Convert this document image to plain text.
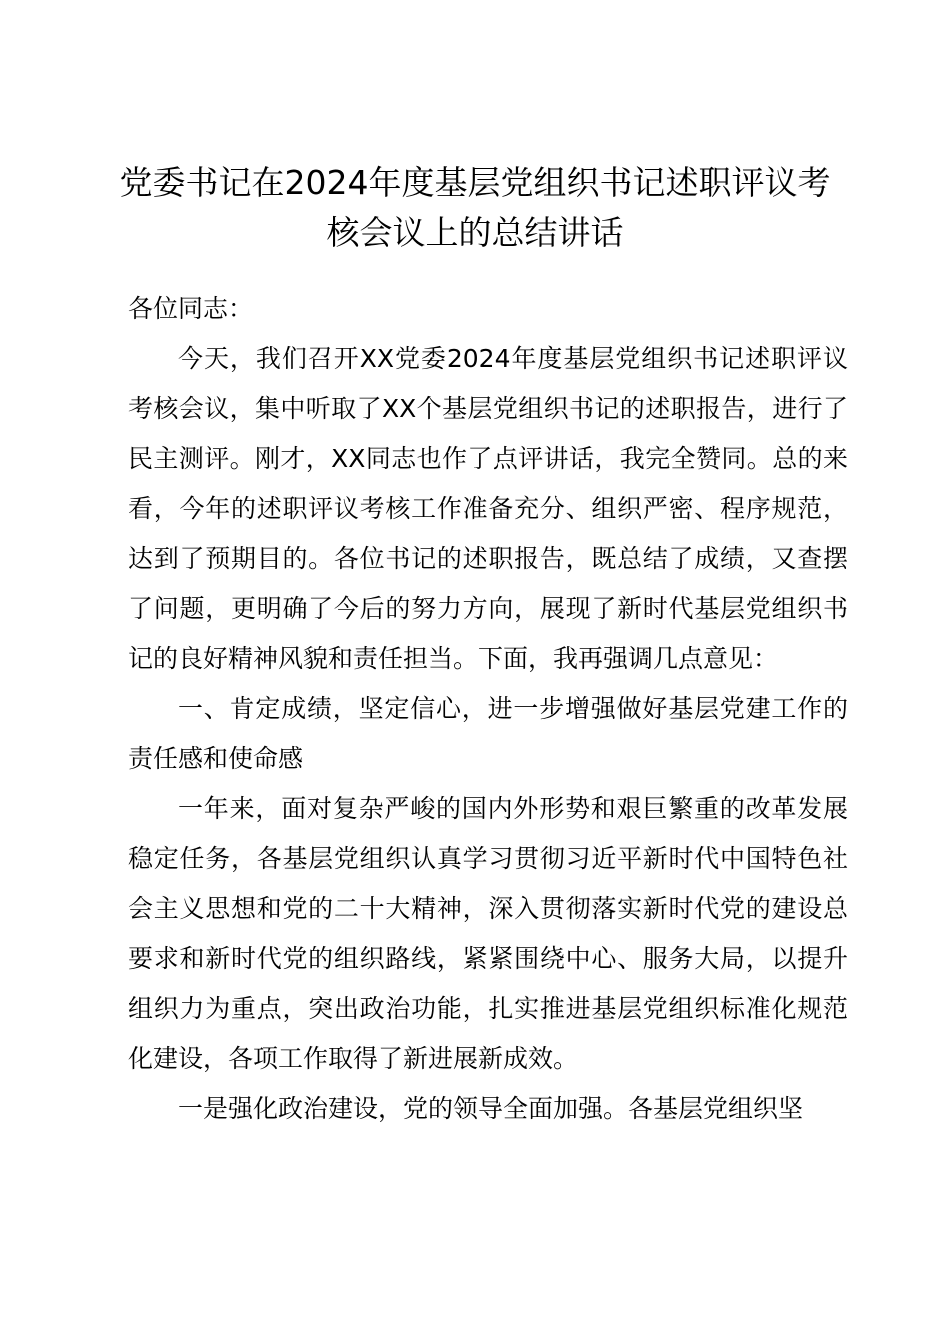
党委书记在2024年度基层党组织书记述职评议考核会议上的总结讲话

各位同志：

今天，我们召开XX党委2024年度基层党组织书记述职评议考核会议，集中听取了XX个基层党组织书记的述职报告，进行了民主测评。刚才，XX同志也作了点评讲话，我完全赞同。总的来看，今年的述职评议考核工作准备充分、组织严密、程序规范，达到了预期目的。各位书记的述职报告，既总结了成绩，又查摆了问题，更明确了今后的努力方向，展现了新时代基层党组织书记的良好精神风貌和责任担当。下面，我再强调几点意见：

一、肯定成绩，坚定信心，进一步增强做好基层党建工作的责任感和使命感

一年来，面对复杂严峻的国内外形势和艰巨繁重的改革发展稳定任务，各基层党组织认真学习贯彻习近平新时代中国特色社会主义思想和党的二十大精神，深入贯彻落实新时代党的建设总要求和新时代党的组织路线，紧紧围绕中心、服务大局，以提升组织力为重点，突出政治功能，扎实推进基层党组织标准化规范化建设，各项工作取得了新进展新成效。

一是强化政治建设，党的领导全面加强。各基层党组织坚
